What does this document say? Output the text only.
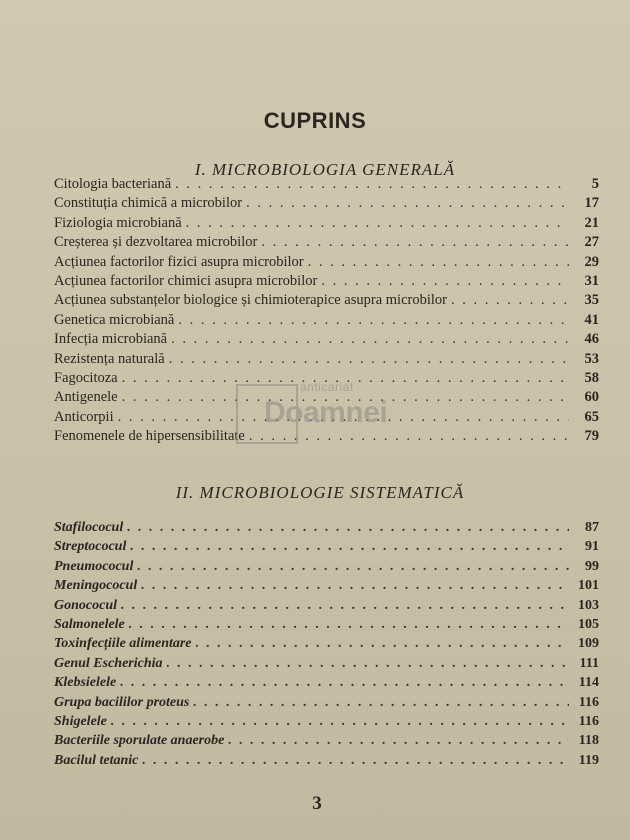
CUPRINS
I. MICROBIOLOGIA GENERALĂ
Citologia bacteriană . . .	5
Constituția chimică a microbilor . . .	17
Fiziologia microbiană . . .	21
Creșterea și dezvoltarea microbilor . . .	27
Acțiunea factorilor fizici asupra microbilor . . .	29
Acțiunea factorilor chimici asupra microbilor . . .	31
Acțiunea substanțelor biologice și chimioterapice asupra microbilor . . .	35
Genetica microbiană . . .	41
Infecția microbiană . . .	46
Rezistența naturală . . .	53
Fagocitoza . . .	58
Antigenele . . .	60
Anticorpii . . .	65
Fenomenele de hipersensibilitate . . .	79
II. MICROBIOLOGIE SISTEMATICĂ
Stafilococul . . .	87
Streptococul . . .	91
Pneumococul . . .	99
Meningococul . . .	101
Gonococul . . .	103
Salmonelele . . .	105
Toxinfecțiile alimentare . . .	109
Genul Escherichia . . .	111
Klebsielele . . .	114
Grupa bacililor proteus . . .	116
Shigelele . . .	116
Bacteriile sporulate anaerobe . . .	118
Bacilul tetanic . . .	119
anticariat
Doamnei
3
